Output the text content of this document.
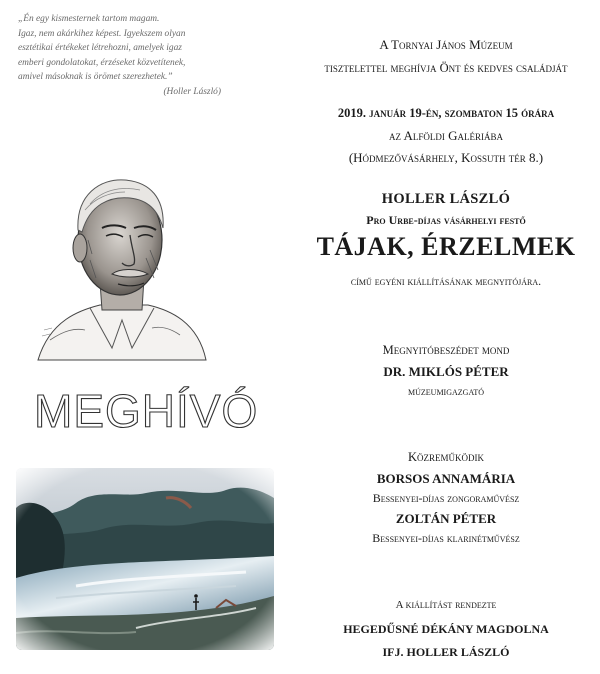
„Én egy kismesternek tartom magam.
Igaz, nem akárkihez képest. Igyekszem olyan
esztétikai értékeket létrehozni, amelyek igaz
emberi gondolatokat, érzéseket közvetítenek,
amivel másoknak is örömet szerezhetek.”
(Holler László)
MEGHÍVÓ
A Tornyai János Múzeum
tisztelettel meghívja Önt és kedves családját
2019. január 19-én, szombaton 15 órára
az Alföldi Galériába
(Hódmezővásárhely, Kossuth tér 8.)
HOLLER LÁSZLÓ
Pro Urbe-díjas vásárhelyi festő
TÁJAK, ÉRZELMEK
című egyéni kiállításának megnyitójára.
Megnyitóbeszédet mond
DR. MIKLÓS PÉTER
múzeumigazgató
Közreműködik
BORSOS ANNAMÁRIA
Bessenyei-díjas zongoraművész
ZOLTÁN PÉTER
Bessenyei-díjas klarinétművész
A kiállítást rendezte
HEGEDŰSNÉ DÉKÁNY MAGDOLNA
IFJ. HOLLER LÁSZLÓ
